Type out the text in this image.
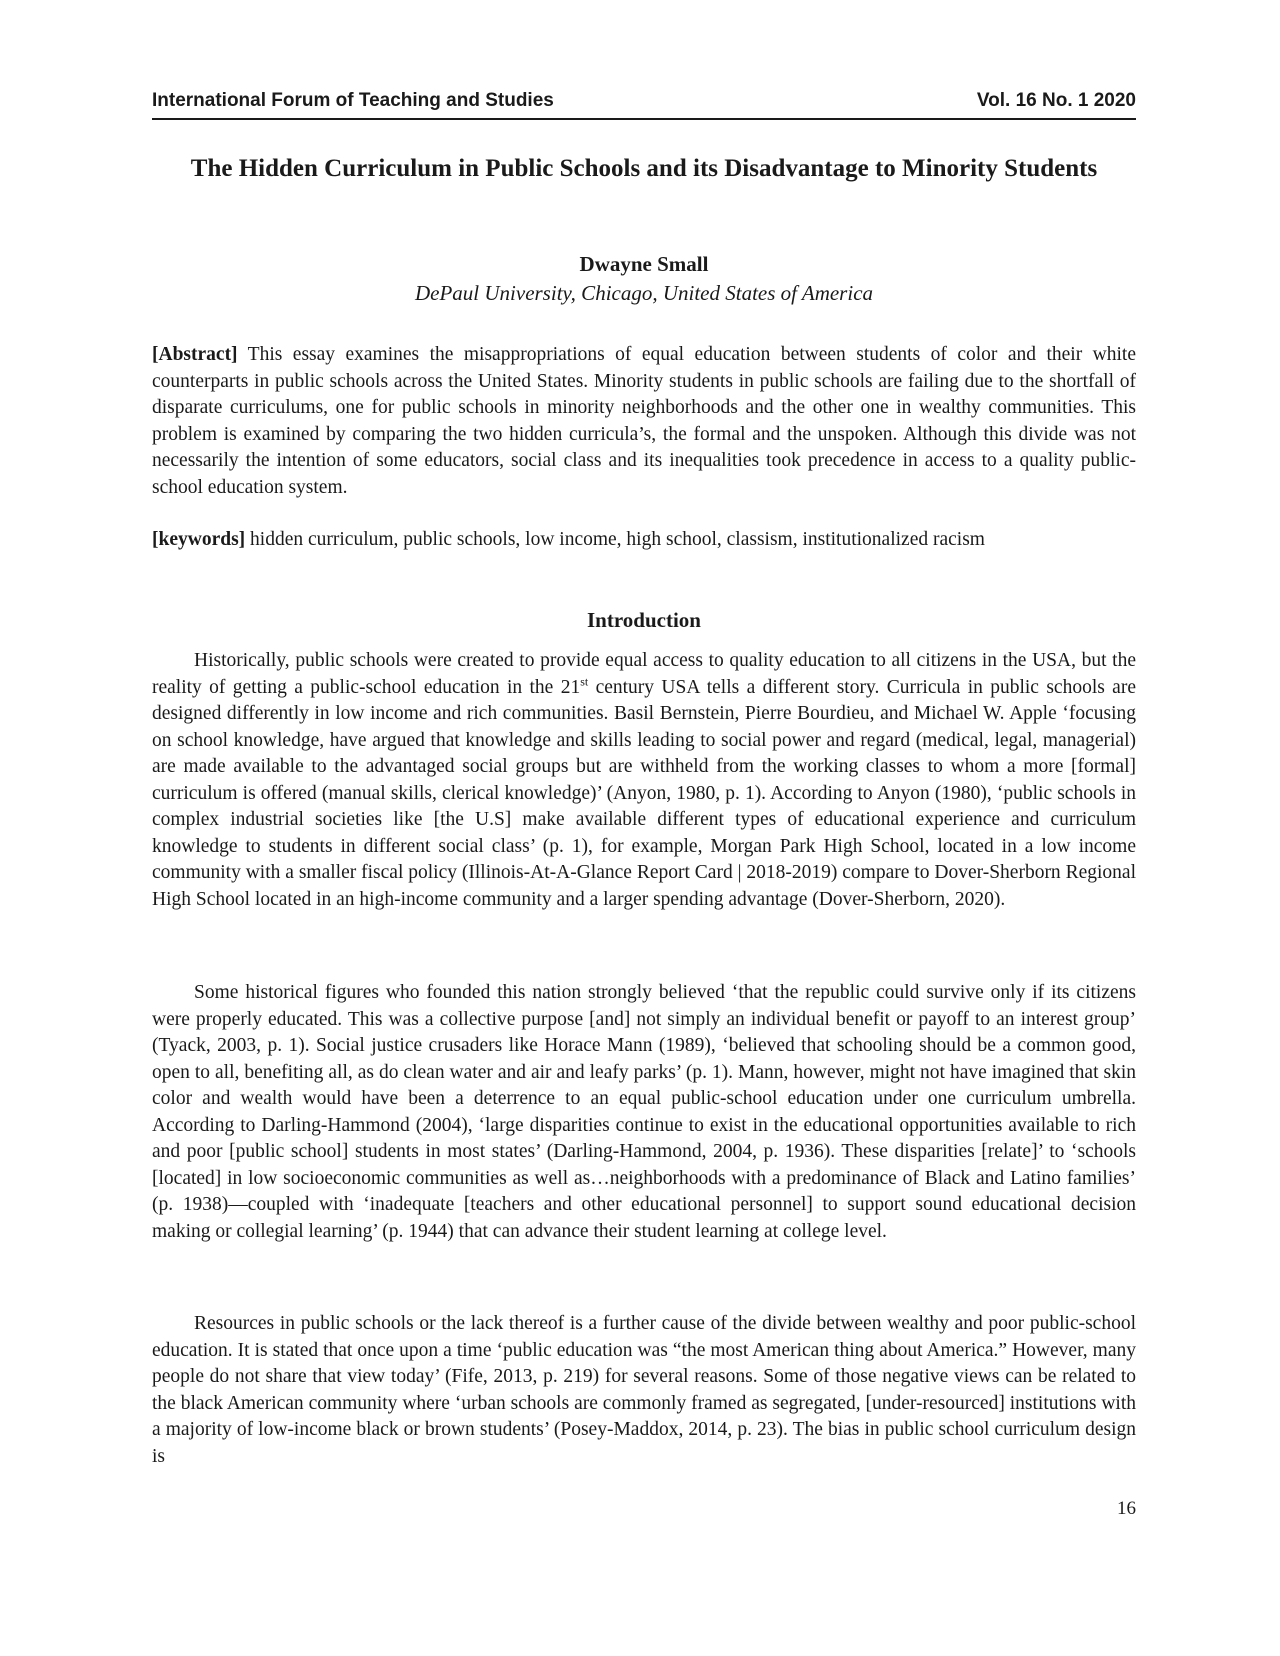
International Forum of Teaching and Studies	Vol. 16 No. 1 2020
The Hidden Curriculum in Public Schools and its Disadvantage to Minority Students
Dwayne Small
DePaul University, Chicago, United States of America

[Abstract] This essay examines the misappropriations of equal education between students of color and their white counterparts in public schools across the United States. Minority students in public schools are failing due to the shortfall of disparate curriculums, one for public schools in minority neighborhoods and the other one in wealthy communities. This problem is examined by comparing the two hidden curricula’s, the formal and the unspoken. Although this divide was not necessarily the intention of some educators, social class and its inequalities took precedence in access to a quality public-school education system.

[keywords] hidden curriculum, public schools, low income, high school, classism, institutionalized racism

Introduction

Historically, public schools were created to provide equal access to quality education to all citizens in the USA, but the reality of getting a public-school education in the 21st century USA tells a different story. Curricula in public schools are designed differently in low income and rich communities. Basil Bernstein, Pierre Bourdieu, and Michael W. Apple ‘focusing on school knowledge, have argued that knowledge and skills leading to social power and regard (medical, legal, managerial) are made available to the advantaged social groups but are withheld from the working classes to whom a more [formal] curriculum is offered (manual skills, clerical knowledge)’ (Anyon, 1980, p. 1). According to Anyon (1980), ‘public schools in complex industrial societies like [the U.S] make available different types of educational experience and curriculum knowledge to students in different social class’ (p. 1), for example, Morgan Park High School, located in a low income community with a smaller fiscal policy (Illinois-At-A-Glance Report Card | 2018-2019) compare to Dover-Sherborn Regional High School located in an high-income community and a larger spending advantage (Dover-Sherborn, 2020).

Some historical figures who founded this nation strongly believed ‘that the republic could survive only if its citizens were properly educated. This was a collective purpose [and] not simply an individual benefit or payoff to an interest group’ (Tyack, 2003, p. 1). Social justice crusaders like Horace Mann (1989), ‘believed that schooling should be a common good, open to all, benefiting all, as do clean water and air and leafy parks’ (p. 1). Mann, however, might not have imagined that skin color and wealth would have been a deterrence to an equal public-school education under one curriculum umbrella. According to Darling-Hammond (2004), ‘large disparities continue to exist in the educational opportunities available to rich and poor [public school] students in most states’ (Darling-Hammond, 2004, p. 1936). These disparities [relate]’ to ‘schools [located] in low socioeconomic communities as well as…neighborhoods with a predominance of Black and Latino families’ (p. 1938)—coupled with ‘inadequate [teachers and other educational personnel] to support sound educational decision making or collegial learning’ (p. 1944) that can advance their student learning at college level.

Resources in public schools or the lack thereof is a further cause of the divide between wealthy and poor public-school education. It is stated that once upon a time ‘public education was “the most American thing about America.” However, many people do not share that view today’ (Fife, 2013, p. 219) for several reasons. Some of those negative views can be related to the black American community where ‘urban schools are commonly framed as segregated, [under-resourced] institutions with a majority of low-income black or brown students’ (Posey-Maddox, 2014, p. 23). The bias in public school curriculum design is

16
